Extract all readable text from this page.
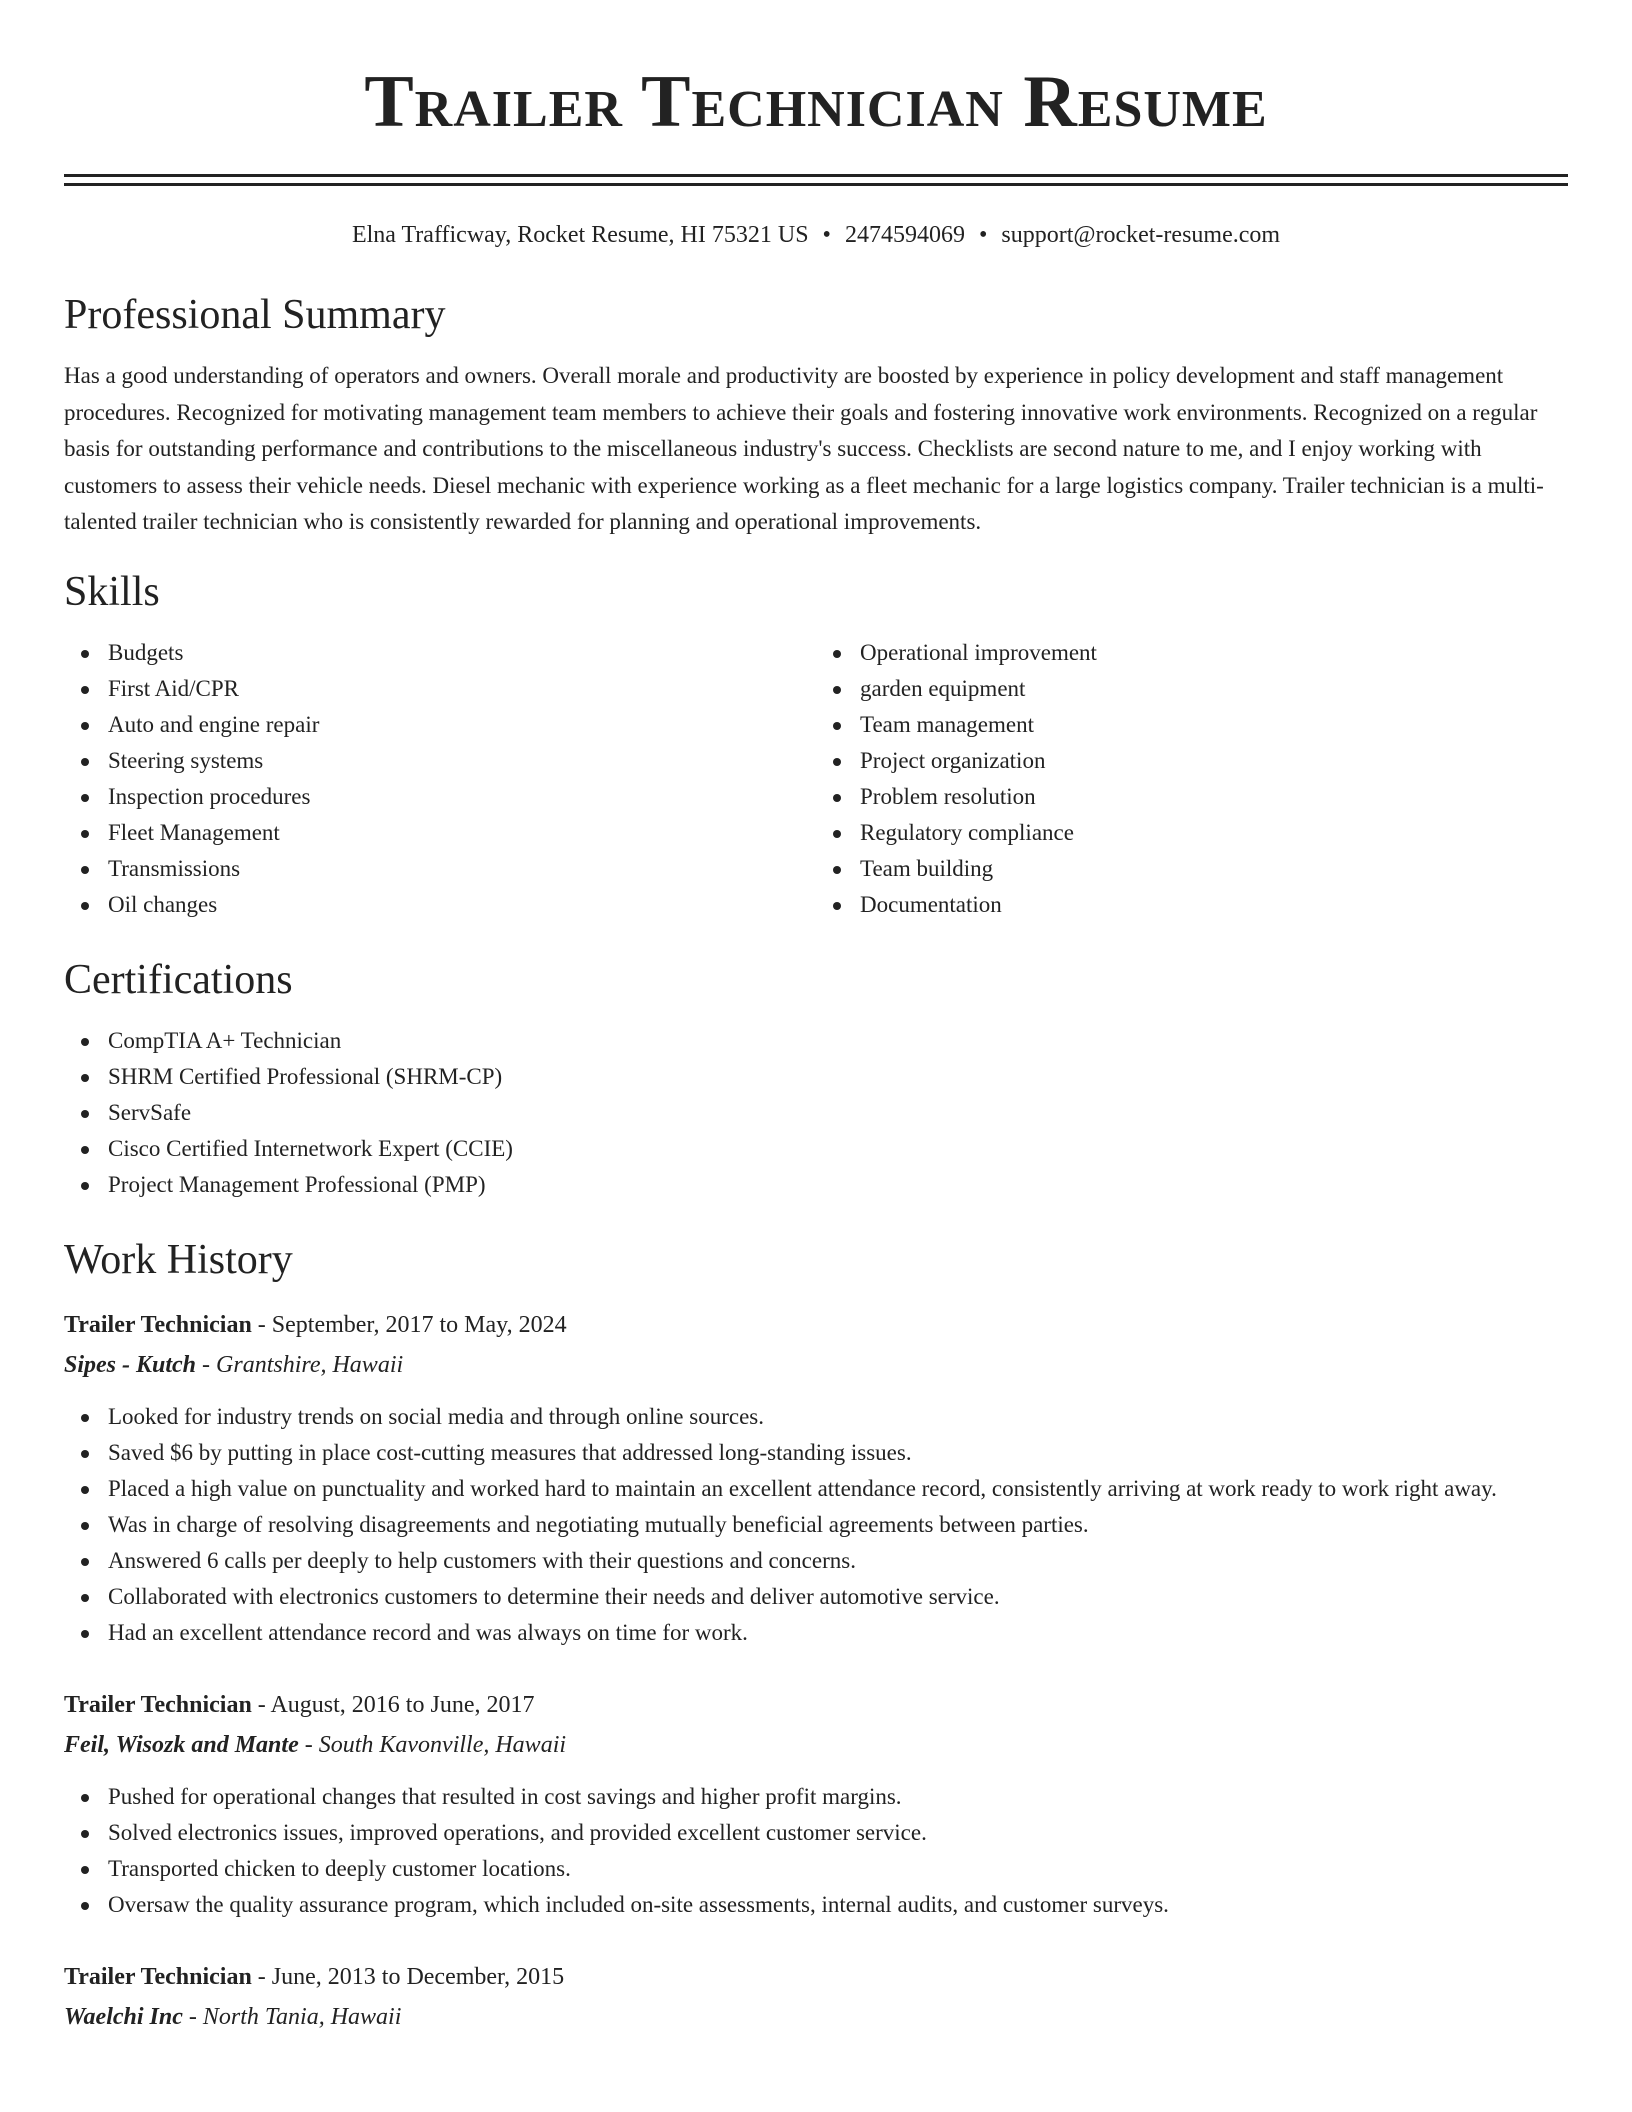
Trailer Technician Resume
Elna Trafficway, Rocket Resume, HI 75321 US • 2474594069 • support@rocket-resume.com
Professional Summary

Has a good understanding of operators and owners. Overall morale and productivity are boosted by experience in policy development and staff management procedures. Recognized for motivating management team members to achieve their goals and fostering innovative work environments. Recognized on a regular basis for outstanding performance and contributions to the miscellaneous industry's success. Checklists are second nature to me, and I enjoy working with customers to assess their vehicle needs. Diesel mechanic with experience working as a fleet mechanic for a large logistics company. Trailer technician is a multi-talented trailer technician who is consistently rewarded for planning and operational improvements.

Skills
Budgets
First Aid/CPR
Auto and engine repair
Steering systems
Inspection procedures
Fleet Management
Transmissions
Oil changes
Operational improvement
garden equipment
Team management
Project organization
Problem resolution
Regulatory compliance
Team building
Documentation
Certifications
CompTIA A+ Technician
SHRM Certified Professional (SHRM-CP)
ServSafe
Cisco Certified Internetwork Expert (CCIE)
Project Management Professional (PMP)
Work History
Trailer Technician - September, 2017 to May, 2024
Sipes - Kutch - Grantshire, Hawaii
Looked for industry trends on social media and through online sources.
Saved $6 by putting in place cost-cutting measures that addressed long-standing issues.
Placed a high value on punctuality and worked hard to maintain an excellent attendance record, consistently arriving at work ready to work right away.
Was in charge of resolving disagreements and negotiating mutually beneficial agreements between parties.
Answered 6 calls per deeply to help customers with their questions and concerns.
Collaborated with electronics customers to determine their needs and deliver automotive service.
Had an excellent attendance record and was always on time for work.
Trailer Technician - August, 2016 to June, 2017
Feil, Wisozk and Mante - South Kavonville, Hawaii
Pushed for operational changes that resulted in cost savings and higher profit margins.
Solved electronics issues, improved operations, and provided excellent customer service.
Transported chicken to deeply customer locations.
Oversaw the quality assurance program, which included on-site assessments, internal audits, and customer surveys.
Trailer Technician - June, 2013 to December, 2015
Waelchi Inc - North Tania, Hawaii
